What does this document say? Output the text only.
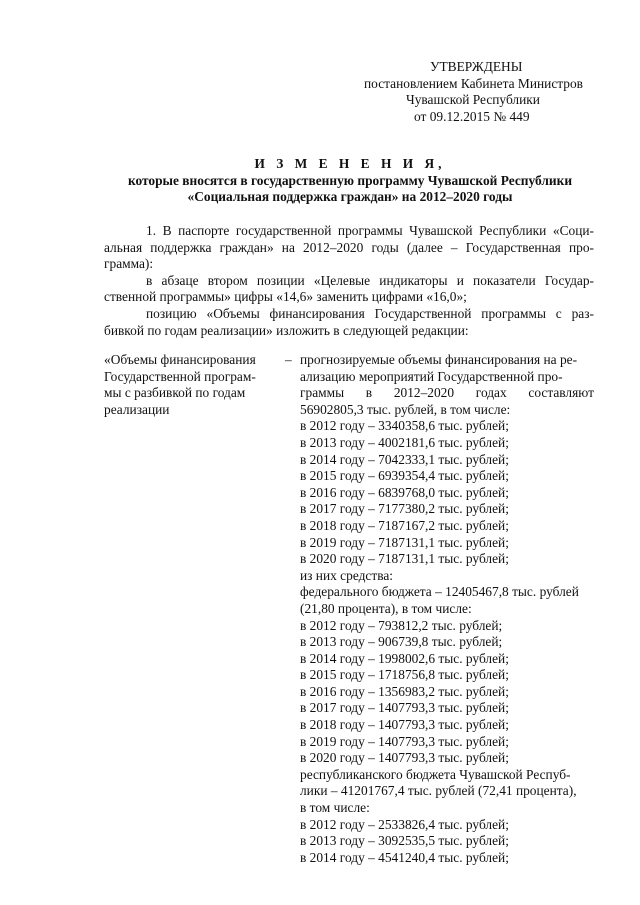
УТВЕРЖДЕНЫ
постановлением Кабинета Министров
Чувашской Республики
от 09.12.2015 № 449
И З М Е Н Е Н И Я,
которые вносятся в государственную программу Чувашской Республики
«Социальная поддержка граждан» на 2012–2020 годы
1. В паспорте государственной программы Чувашской Республики «Соци-
альная поддержка граждан» на 2012–2020 годы (далее – Государственная про-
грамма):
в абзаце втором позиции «Целевые индикаторы и показатели Государ-
ственной программы» цифры «14,6» заменить цифрами «16,0»;
позицию «Объемы финансирования Государственной программы с раз-
бивкой по годам реализации» изложить в следующей редакции:
«Объемы финансирования
Государственной програм-
мы с разбивкой по годам
реализации
– прогнозируемые объемы финансирования на ре-
ализацию мероприятий Государственной про-
граммы в 2012–2020 годах составляют
56902805,3 тыс. рублей, в том числе:
в 2012 году – 3340358,6 тыс. рублей;
в 2013 году – 4002181,6 тыс. рублей;
в 2014 году – 7042333,1 тыс. рублей;
в 2015 году – 6939354,4 тыс. рублей;
в 2016 году – 6839768,0 тыс. рублей;
в 2017 году – 7177380,2 тыс. рублей;
в 2018 году – 7187167,2 тыс. рублей;
в 2019 году – 7187131,1 тыс. рублей;
в 2020 году – 7187131,1 тыс. рублей;
из них средства:
федерального бюджета – 12405467,8 тыс. рублей
(21,80 процента), в том числе:
в 2012 году – 793812,2 тыс. рублей;
в 2013 году – 906739,8 тыс. рублей;
в 2014 году – 1998002,6 тыс. рублей;
в 2015 году – 1718756,8 тыс. рублей;
в 2016 году – 1356983,2 тыс. рублей;
в 2017 году – 1407793,3 тыс. рублей;
в 2018 году – 1407793,3 тыс. рублей;
в 2019 году – 1407793,3 тыс. рублей;
в 2020 году – 1407793,3 тыс. рублей;
республиканского бюджета Чувашской Респуб-
лики – 41201767,4 тыс. рублей (72,41 процента),
в том числе:
в 2012 году – 2533826,4 тыс. рублей;
в 2013 году – 3092535,5 тыс. рублей;
в 2014 году – 4541240,4 тыс. рублей;
